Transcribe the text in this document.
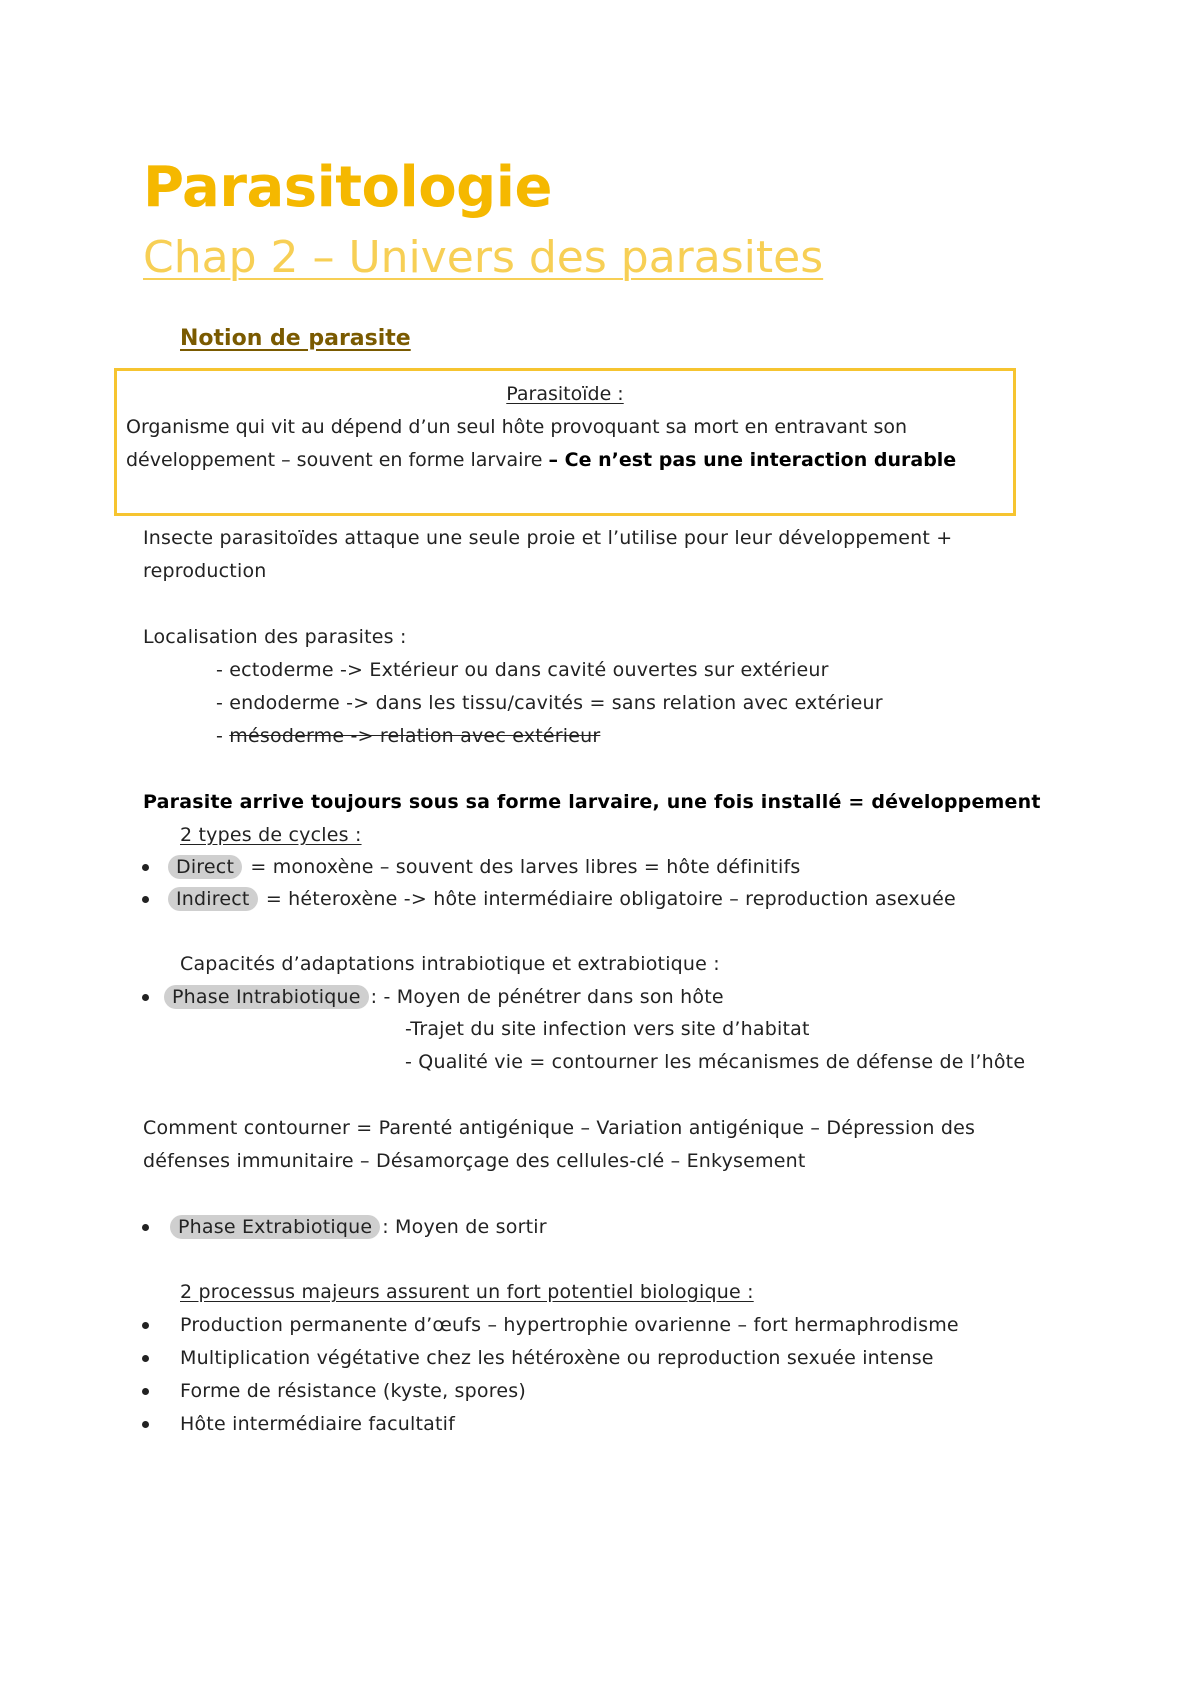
Parasitologie
Chap 2 – Univers des parasites
Notion de parasite
Parasitoïde :
Organisme qui vit au dépend d’un seul hôte provoquant sa mort en entravant son
développement – souvent en forme larvaire – Ce n’est pas une interaction durable
Insecte parasitoïdes attaque une seule proie et l’utilise pour leur développement +
reproduction
Localisation des parasites :
- ectoderme -> Extérieur ou dans cavité ouvertes sur extérieur
- endoderme -> dans les tissu/cavités = sans relation avec extérieur
- mésoderme -> relation avec extérieur
Parasite arrive toujours sous sa forme larvaire, une fois installé = développement
2 types de cycles :
Direct = monoxène – souvent des larves libres = hôte définitifs
Indirect = héteroxène -> hôte intermédiaire obligatoire – reproduction asexuée
Capacités d’adaptations intrabiotique et extrabiotique :
Phase Intrabiotique : - Moyen de pénétrer dans son hôte
-Trajet du site infection vers site d’habitat
- Qualité vie = contourner les mécanismes de défense de l’hôte
Comment contourner = Parenté antigénique – Variation antigénique – Dépression des
défenses immunitaire – Désamorçage des cellules-clé – Enkysement
Phase Extrabiotique : Moyen de sortir
2 processus majeurs assurent un fort potentiel biologique :
Production permanente d’œufs – hypertrophie ovarienne – fort hermaphrodisme
Multiplication végétative chez les hétéroxène ou reproduction sexuée intense
Forme de résistance (kyste, spores)
Hôte intermédiaire facultatif
